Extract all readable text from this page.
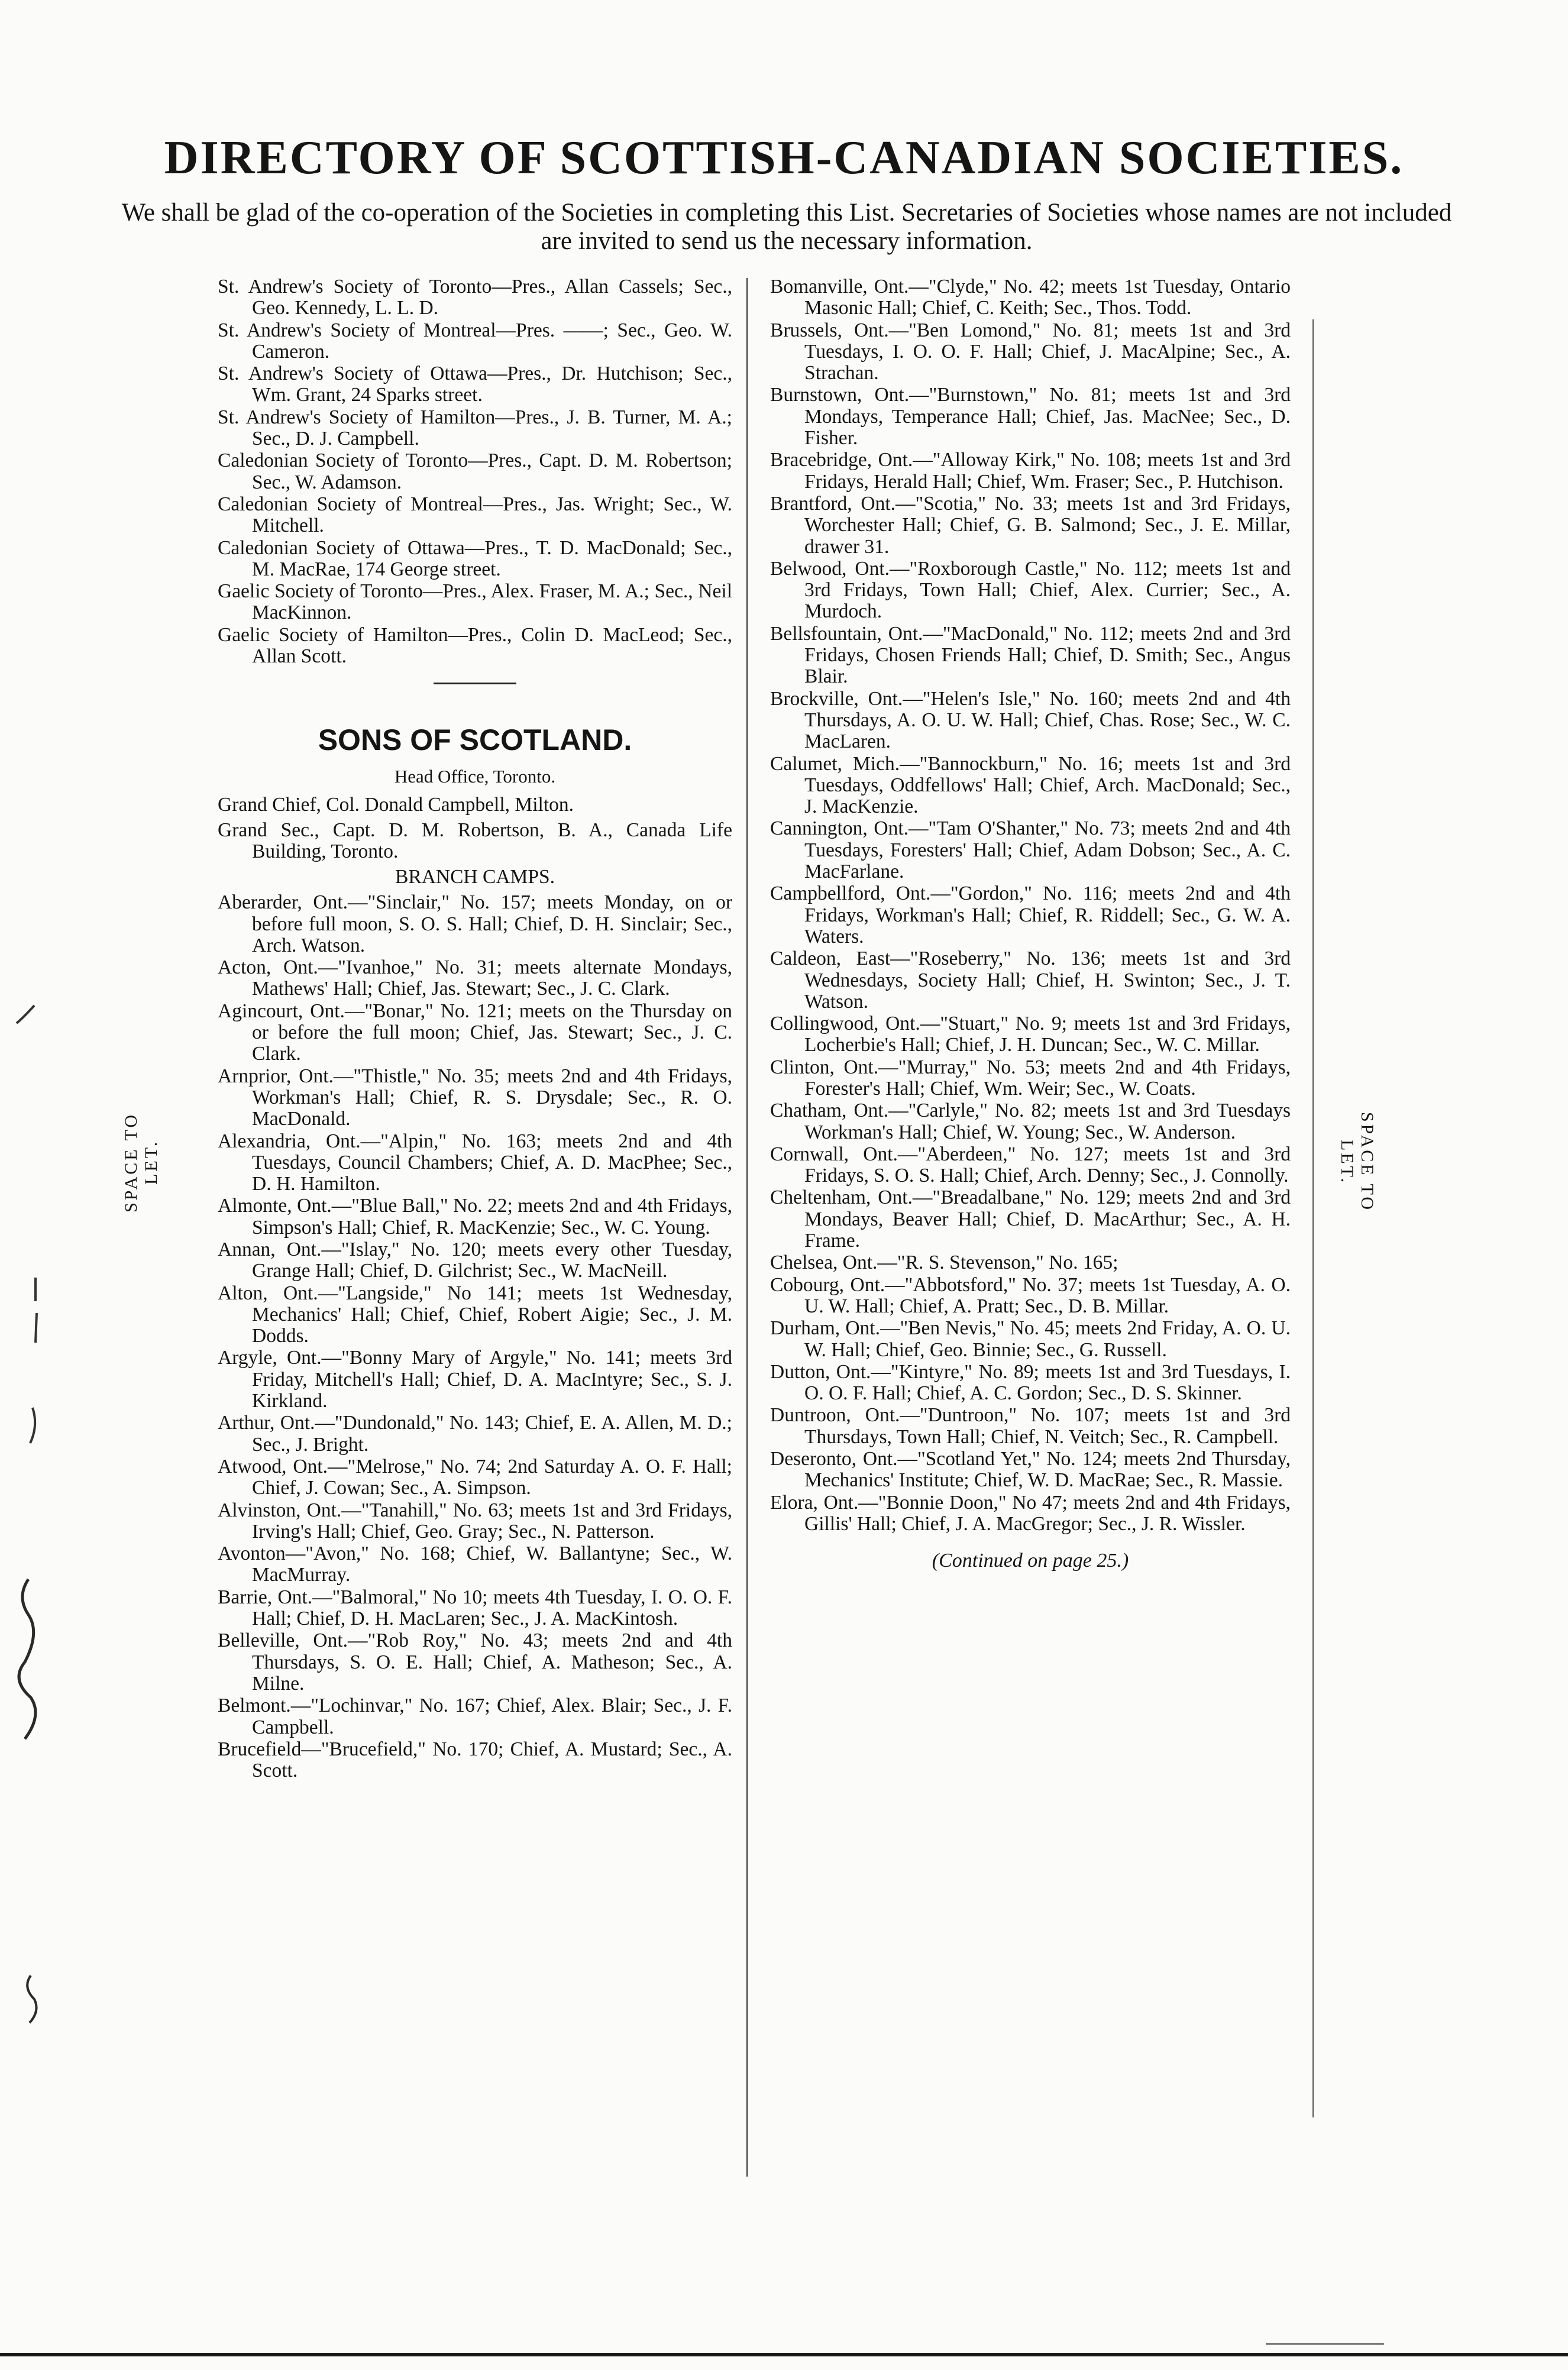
DIRECTORY OF SCOTTISH-CANADIAN SOCIETIES.

We shall be glad of the co-operation of the Societies in completing this List. Secretaries of Societies whose names are not included are invited to send us the necessary information.

St. Andrew's Society of Toronto—Pres., Allan Cassels; Sec., Geo. Kennedy, L. L. D.

St. Andrew's Society of Montreal—Pres. ——; Sec., Geo. W. Cameron.

St. Andrew's Society of Ottawa—Pres., Dr. Hutchison; Sec., Wm. Grant, 24 Sparks street.

St. Andrew's Society of Hamilton—Pres., J. B. Turner, M. A.; Sec., D. J. Campbell.

Caledonian Society of Toronto—Pres., Capt. D. M. Robertson; Sec., W. Adamson.

Caledonian Society of Montreal—Pres., Jas. Wright; Sec., W. Mitchell.

Caledonian Society of Ottawa—Pres., T. D. MacDonald; Sec., M. MacRae, 174 George street.

Gaelic Society of Toronto—Pres., Alex. Fraser, M. A.; Sec., Neil MacKinnon.

Gaelic Society of Hamilton—Pres., Colin D. MacLeod; Sec., Allan Scott.

SONS OF SCOTLAND.

Head Office, Toronto.

Grand Chief, Col. Donald Campbell, Milton.

Grand Sec., Capt. D. M. Robertson, B. A., Canada Life Building, Toronto.

BRANCH CAMPS.

Aberarder, Ont.—"Sinclair," No. 157; meets Monday, on or before full moon, S. O. S. Hall; Chief, D. H. Sinclair; Sec., Arch. Watson.

Acton, Ont.—"Ivanhoe," No. 31; meets alternate Mondays, Mathews' Hall; Chief, Jas. Stewart; Sec., J. C. Clark.

Agincourt, Ont.—"Bonar," No. 121; meets on the Thursday on or before the full moon; Chief, Jas. Stewart; Sec., J. C. Clark.

Arnprior, Ont.—"Thistle," No. 35; meets 2nd and 4th Fridays, Workman's Hall; Chief, R. S. Drysdale; Sec., R. O. MacDonald.

Alexandria, Ont.—"Alpin," No. 163; meets 2nd and 4th Tuesdays, Council Chambers; Chief, A. D. MacPhee; Sec., D. H. Hamilton.

Almonte, Ont.—"Blue Ball," No. 22; meets 2nd and 4th Fridays, Simpson's Hall; Chief, R. MacKenzie; Sec., W. C. Young.

Annan, Ont.—"Islay," No. 120; meets every other Tuesday, Grange Hall; Chief, D. Gilchrist; Sec., W. MacNeill.

Alton, Ont.—"Langside," No 141; meets 1st Wednesday, Mechanics' Hall; Chief, Chief, Robert Aigie; Sec., J. M. Dodds.

Argyle, Ont.—"Bonny Mary of Argyle," No. 141; meets 3rd Friday, Mitchell's Hall; Chief, D. A. MacIntyre; Sec., S. J. Kirkland.

Arthur, Ont.—"Dundonald," No. 143; Chief, E. A. Allen, M. D.; Sec., J. Bright.

Atwood, Ont.—"Melrose," No. 74; 2nd Saturday A. O. F. Hall; Chief, J. Cowan; Sec., A. Simpson.

Alvinston, Ont.—"Tanahill," No. 63; meets 1st and 3rd Fridays, Irving's Hall; Chief, Geo. Gray; Sec., N. Patterson.

Avonton—"Avon," No. 168; Chief, W. Ballantyne; Sec., W. MacMurray.

Barrie, Ont.—"Balmoral," No 10; meets 4th Tuesday, I. O. O. F. Hall; Chief, D. H. MacLaren; Sec., J. A. MacKintosh.

Belleville, Ont.—"Rob Roy," No. 43; meets 2nd and 4th Thursdays, S. O. E. Hall; Chief, A. Matheson; Sec., A. Milne.

Belmont.—"Lochinvar," No. 167; Chief, Alex. Blair; Sec., J. F. Campbell.

Brucefield—"Brucefield," No. 170; Chief, A. Mustard; Sec., A. Scott.

Bomanville, Ont.—"Clyde," No. 42; meets 1st Tuesday, Ontario Masonic Hall; Chief, C. Keith; Sec., Thos. Todd.

Brussels, Ont.—"Ben Lomond," No. 81; meets 1st and 3rd Tuesdays, I. O. O. F. Hall; Chief, J. MacAlpine; Sec., A. Strachan.

Burnstown, Ont.—"Burnstown," No. 81; meets 1st and 3rd Mondays, Temperance Hall; Chief, Jas. MacNee; Sec., D. Fisher.

Bracebridge, Ont.—"Alloway Kirk," No. 108; meets 1st and 3rd Fridays, Herald Hall; Chief, Wm. Fraser; Sec., P. Hutchison.

Brantford, Ont.—"Scotia," No. 33; meets 1st and 3rd Fridays, Worchester Hall; Chief, G. B. Salmond; Sec., J. E. Millar, drawer 31.

Belwood, Ont.—"Roxborough Castle," No. 112; meets 1st and 3rd Fridays, Town Hall; Chief, Alex. Currier; Sec., A. Murdoch.

Bellsfountain, Ont.—"MacDonald," No. 112; meets 2nd and 3rd Fridays, Chosen Friends Hall; Chief, D. Smith; Sec., Angus Blair.

Brockville, Ont.—"Helen's Isle," No. 160; meets 2nd and 4th Thursdays, A. O. U. W. Hall; Chief, Chas. Rose; Sec., W. C. MacLaren.

Calumet, Mich.—"Bannockburn," No. 16; meets 1st and 3rd Tuesdays, Oddfellows' Hall; Chief, Arch. MacDonald; Sec., J. MacKenzie.

Cannington, Ont.—"Tam O'Shanter," No. 73; meets 2nd and 4th Tuesdays, Foresters' Hall; Chief, Adam Dobson; Sec., A. C. MacFarlane.

Campbellford, Ont.—"Gordon," No. 116; meets 2nd and 4th Fridays, Workman's Hall; Chief, R. Riddell; Sec., G. W. A. Waters.

Caldeon, East—"Roseberry," No. 136; meets 1st and 3rd Wednesdays, Society Hall; Chief, H. Swinton; Sec., J. T. Watson.

Collingwood, Ont.—"Stuart," No. 9; meets 1st and 3rd Fridays, Locherbie's Hall; Chief, J. H. Duncan; Sec., W. C. Millar.

Clinton, Ont.—"Murray," No. 53; meets 2nd and 4th Fridays, Forester's Hall; Chief, Wm. Weir; Sec., W. Coats.

Chatham, Ont.—"Carlyle," No. 82; meets 1st and 3rd Tuesdays Workman's Hall; Chief, W. Young; Sec., W. Anderson.

Cornwall, Ont.—"Aberdeen," No. 127; meets 1st and 3rd Fridays, S. O. S. Hall; Chief, Arch. Denny; Sec., J. Connolly.

Cheltenham, Ont.—"Breadalbane," No. 129; meets 2nd and 3rd Mondays, Beaver Hall; Chief, D. MacArthur; Sec., A. H. Frame.

Chelsea, Ont.—"R. S. Stevenson," No. 165;

Cobourg, Ont.—"Abbotsford," No. 37; meets 1st Tuesday, A. O. U. W. Hall; Chief, A. Pratt; Sec., D. B. Millar.

Durham, Ont.—"Ben Nevis," No. 45; meets 2nd Friday, A. O. U. W. Hall; Chief, Geo. Binnie; Sec., G. Russell.

Dutton, Ont.—"Kintyre," No. 89; meets 1st and 3rd Tuesdays, I. O. O. F. Hall; Chief, A. C. Gordon; Sec., D. S. Skinner.

Duntroon, Ont.—"Duntroon," No. 107; meets 1st and 3rd Thursdays, Town Hall; Chief, N. Veitch; Sec., R. Campbell.

Deseronto, Ont.—"Scotland Yet," No. 124; meets 2nd Thursday, Mechanics' Institute; Chief, W. D. MacRae; Sec., R. Massie.

Elora, Ont.—"Bonnie Doon," No 47; meets 2nd and 4th Fridays, Gillis' Hall; Chief, J. A. MacGregor; Sec., J. R. Wissler.

(Continued on page 25.)

SPACE TO LET.	SPACE TO LET.
